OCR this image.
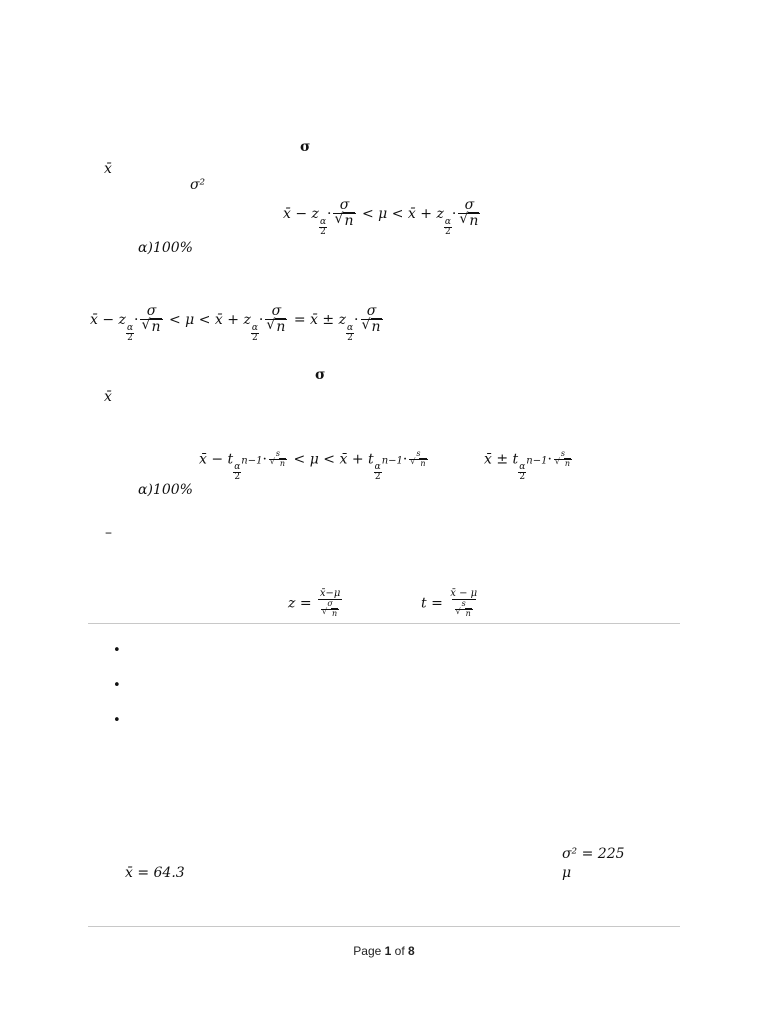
σ
x̄
σ²
x̄ − z
$\frac{\alpha}{2}$
· σ
√ n < μ < x̄ + z
$\frac{\alpha}{2}$
· σ
√ n
α)100%
x̄ − z
$\frac{\alpha}{2}$
· σ
√ n < μ < x̄ + z
$\frac{\alpha}{2}$
· σ
√ n = x̄ ± z
$\frac{\alpha}{2}$
· σ
√ n
σ
x̄
x̄ − t
$\frac{\alpha}{2}$
n−1· s
√ n < μ < x̄ + t
$\frac{\alpha}{2}$
n−1· s
√ n	x̄ ± t
$\frac{\alpha}{2}$
n−1· s
√ n
α)100%
–
z = x̄−μ
σ
√ n	t = x̄ − μ
s
√ n
•
•
•
σ² = 225
x̄ = 64.3	μ
Page 1 of 8
